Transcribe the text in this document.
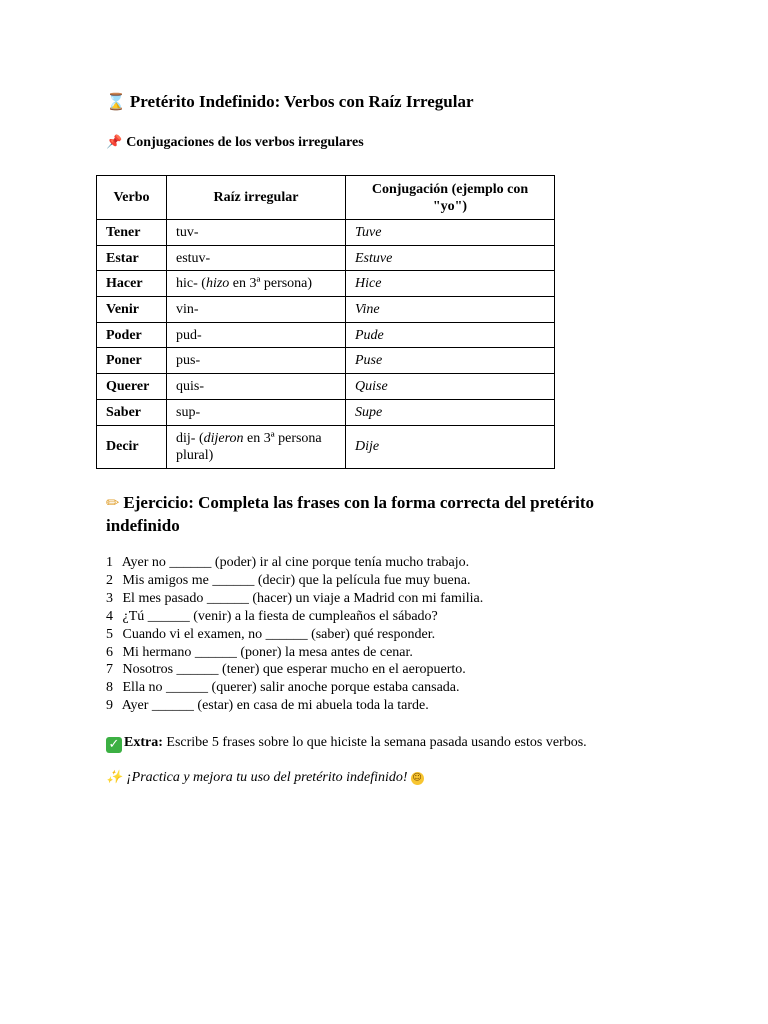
⌛ Pretérito Indefinido: Verbos con Raíz Irregular
📌 Conjugaciones de los verbos irregulares
Verbo	Raíz irregular	Conjugación (ejemplo con "yo")
Tener	tuv-	Tuve
Estar	estuv-	Estuve
Hacer	hic- (hizo en 3ª persona)	Hice
Venir	vin-	Vine
Poder	pud-	Pude
Poner	pus-	Puse
Querer	quis-	Quise
Saber	sup-	Supe
Decir	dij- (dijeron en 3ª persona plural)	Dije
✏ Ejercicio: Completa las frases con la forma correcta del pretérito indefinido
1 Ayer no ______ (poder) ir al cine porque tenía mucho trabajo.
2 Mis amigos me ______ (decir) que la película fue muy buena.
3 El mes pasado ______ (hacer) un viaje a Madrid con mi familia.
4 ¿Tú ______ (venir) a la fiesta de cumpleaños el sábado?
5 Cuando vi el examen, no ______ (saber) qué responder.
6 Mi hermano ______ (poner) la mesa antes de cenar.
7 Nosotros ______ (tener) que esperar mucho en el aeropuerto.
8 Ella no ______ (querer) salir anoche porque estaba cansada.
9 Ayer ______ (estar) en casa de mi abuela toda la tarde.
✓ Extra: Escribe 5 frases sobre lo que hiciste la semana pasada usando estos verbos.
✨ ¡Practica y mejora tu uso del pretérito indefinido! ☺
